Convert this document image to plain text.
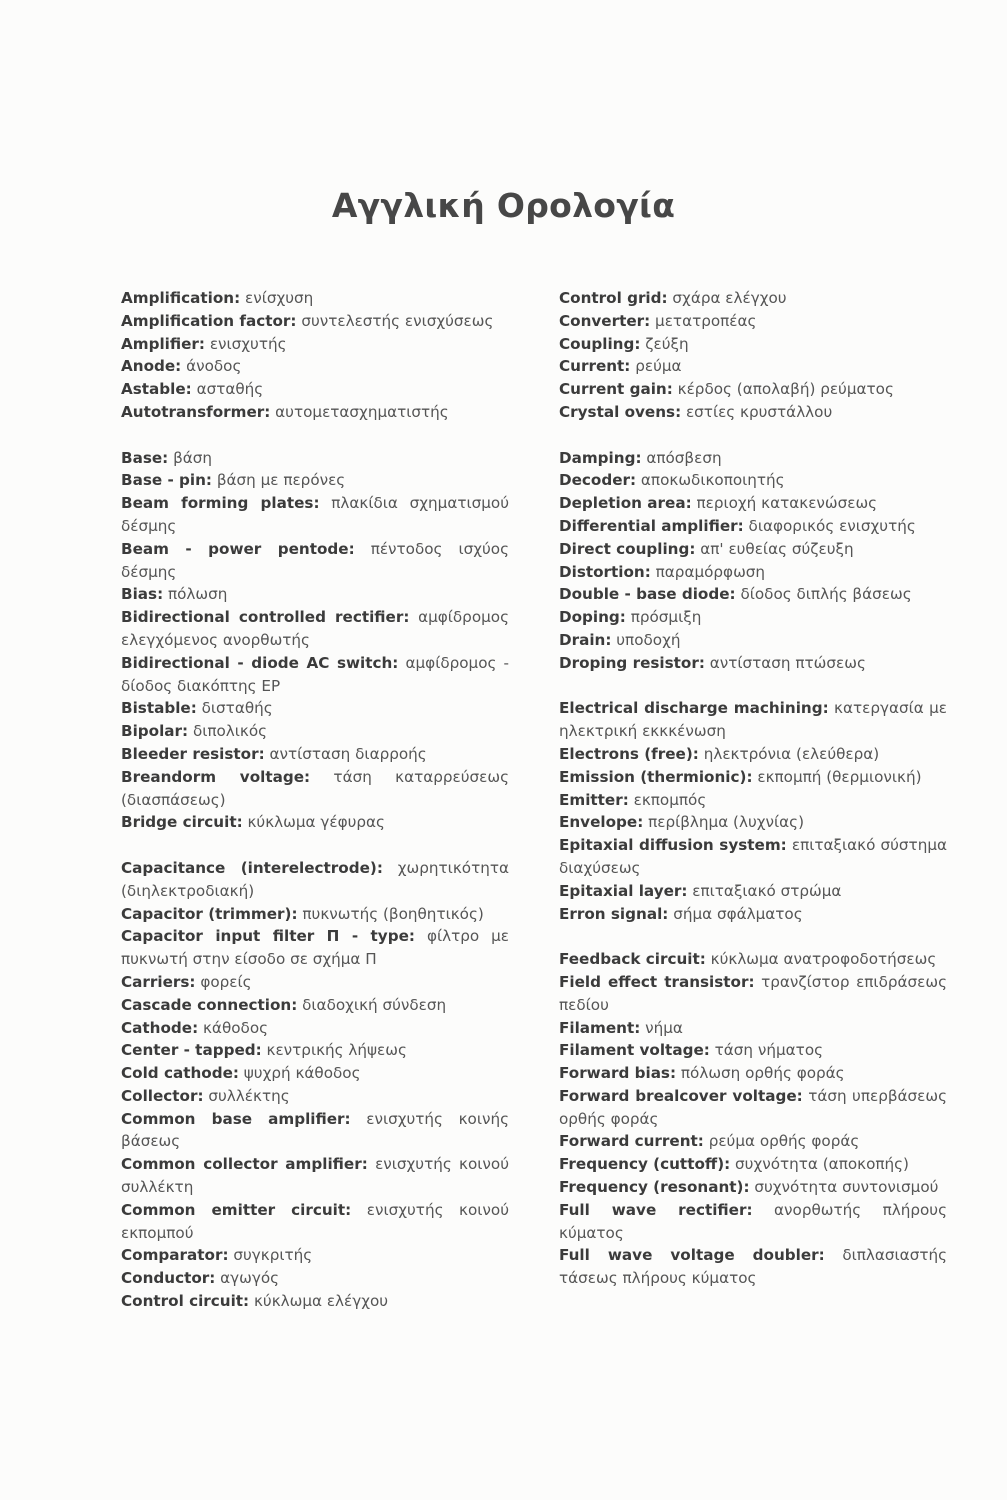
Αγγλική Ορολογία

Amplification: ενίσχυση

Amplification factor: συντελεστής ενισχύσεως

Amplifier: ενισχυτής

Anode: άνοδος

Astable: ασταθής

Autotransformer: αυτομετασχηματιστής

Base: βάση

Base - pin: βάση με περόνες

Beam forming plates: πλακίδια σχηματισμού δέσμης

Beam - power pentode: πέντοδος ισχύος δέσμης

Bias: πόλωση

Bidirectional controlled rectifier: αμφίδρομος ελεγχόμενος ανορθωτής

Bidirectional - diode AC switch: αμφίδρομος - δίοδος διακόπτης ΕΡ

Bistable: δισταθής

Bipolar: διπολικός

Bleeder resistor: αντίσταση διαρροής

Breandorm voltage: τάση καταρρεύσεως (διασπάσεως)

Bridge circuit: κύκλωμα γέφυρας

Capacitance (interelectrode): χωρητικότητα (διηλεκτροδιακή)

Capacitor (trimmer): πυκνωτής (βοηθητικός)

Capacitor input filter Π - type: φίλτρο με πυκνωτή στην είσοδο σε σχήμα Π

Carriers: φορείς

Cascade connection: διαδοχική σύνδεση

Cathode: κάθοδος

Center - tapped: κεντρικής λήψεως

Cold cathode: ψυχρή κάθοδος

Collector: συλλέκτης

Common base amplifier: ενισχυτής κοινής βάσεως

Common collector amplifier: ενισχυτής κοινού συλλέκτη

Common emitter circuit: ενισχυτής κοινού εκπομπού

Comparator: συγκριτής

Conductor: αγωγός

Control circuit: κύκλωμα ελέγχου

Control grid: σχάρα ελέγχου

Converter: μετατροπέας

Coupling: ζεύξη

Current: ρεύμα

Current gain: κέρδος (απολαβή) ρεύματος

Crystal ovens: εστίες κρυστάλλου

Damping: απόσβεση

Decoder: αποκωδικοποιητής

Depletion area: περιοχή κατακενώσεως

Differential amplifier: διαφορικός ενισχυτής

Direct coupling: απ' ευθείας σύζευξη

Distortion: παραμόρφωση

Double - base diode: δίοδος διπλής βάσεως

Doping: πρόσμιξη

Drain: υποδοχή

Droping resistor: αντίσταση πτώσεως

Electrical discharge machining: κατεργασία με ηλεκτρική εκκκένωση

Electrons (free): ηλεκτρόνια (ελεύθερα)

Emission (thermionic): εκπομπή (θερμιονική)

Emitter: εκπομπός

Envelope: περίβλημα (λυχνίας)

Epitaxial diffusion system: επιταξιακό σύστημα διαχύσεως

Epitaxial layer: επιταξιακό στρώμα

Erron signal: σήμα σφάλματος

Feedback circuit: κύκλωμα ανατροφοδοτήσεως

Field effect transistor: τρανζίστορ επιδράσεως πεδίου

Filament: νήμα

Filament voltage: τάση νήματος

Forward bias: πόλωση ορθής φοράς

Forward brealcover voltage: τάση υπερβάσεως ορθής φοράς

Forward current: ρεύμα ορθής φοράς

Frequency (cuttoff): συχνότητα (αποκοπής)

Frequency (resonant): συχνότητα συντονισμού

Full wave rectifier: ανορθωτής πλήρους κύματος

Full wave voltage doubler: διπλασιαστής τάσεως πλήρους κύματος
